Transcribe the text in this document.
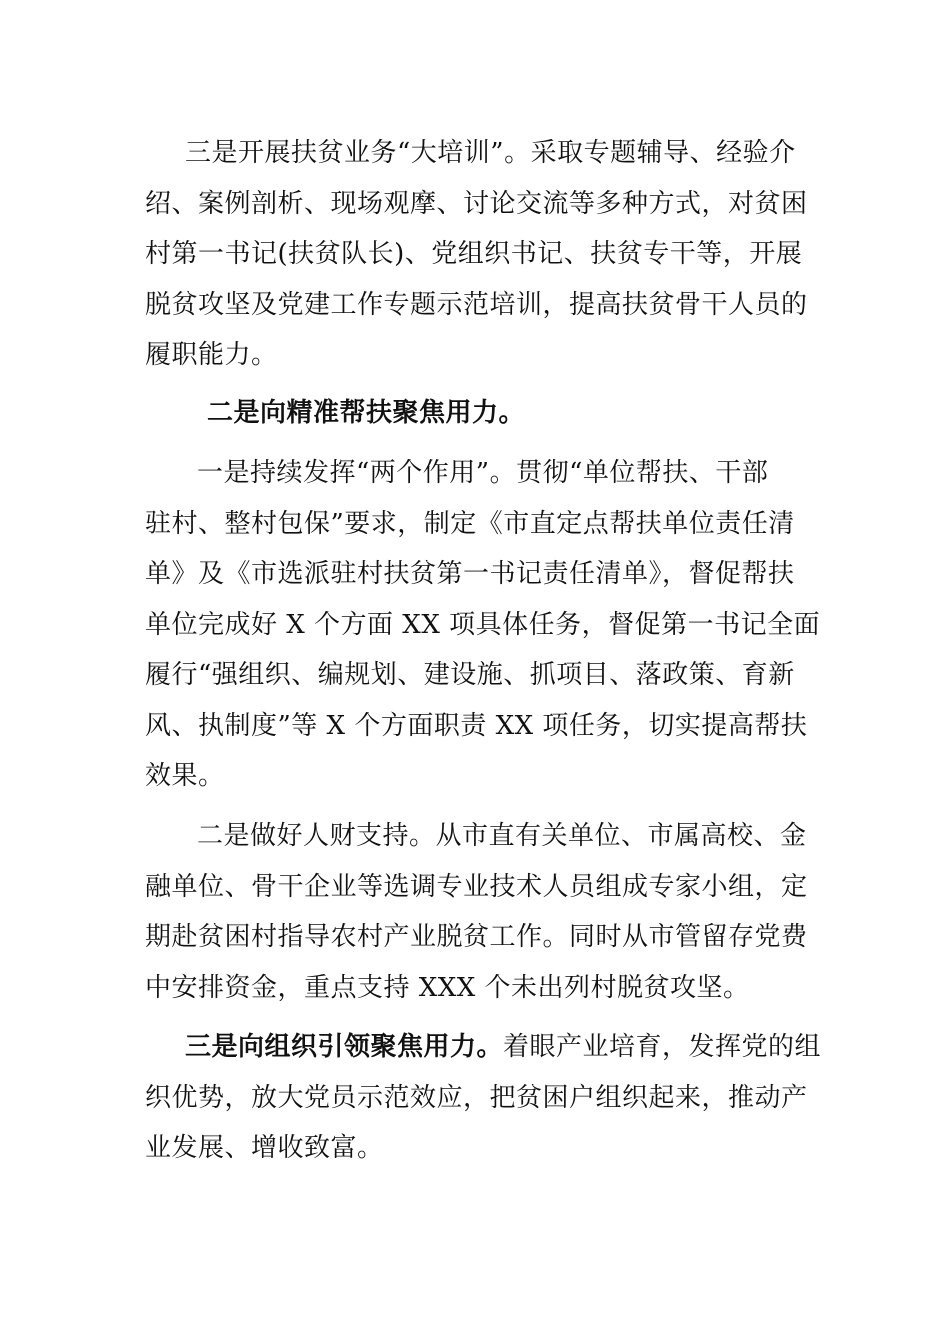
三是开展扶贫业务“大培训”。采取专题辅导、经验介
绍、案例剖析、现场观摩、讨论交流等多种方式，对贫困
村第一书记(扶贫队长)、党组织书记、扶贫专干等，开展
脱贫攻坚及党建工作专题示范培训，提高扶贫骨干人员的
履职能力。
二是向精准帮扶聚焦用力。
一是持续发挥“两个作用”。贯彻“单位帮扶、干部
驻村、整村包保”要求，制定《市直定点帮扶单位责任清
单》及《市选派驻村扶贫第一书记责任清单》，督促帮扶
单位完成好 X 个方面 XX 项具体任务，督促第一书记全面
履行“强组织、编规划、建设施、抓项目、落政策、育新
风、执制度”等 X 个方面职责 XX 项任务，切实提高帮扶
效果。
二是做好人财支持。从市直有关单位、市属高校、金
融单位、骨干企业等选调专业技术人员组成专家小组，定
期赴贫困村指导农村产业脱贫工作。同时从市管留存党费
中安排资金，重点支持 XXX 个未出列村脱贫攻坚。
三是向组织引领聚焦用力。着眼产业培育，发挥党的组
织优势，放大党员示范效应，把贫困户组织起来，推动产
业发展、增收致富。
